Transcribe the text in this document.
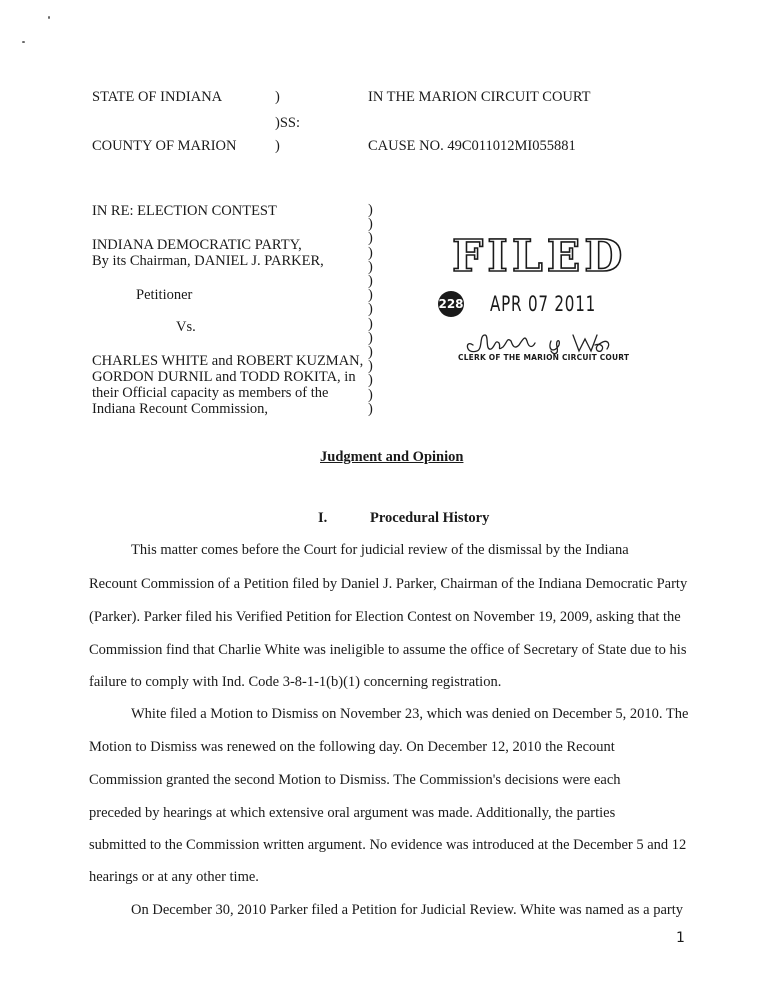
STATE OF INDIANA	)	IN THE MARION CIRCUIT COURT
)SS:
COUNTY OF MARION	)	CAUSE NO. 49C011012MI055881
IN RE: ELECTION CONTEST
INDIANA DEMOCRATIC PARTY,
By its Chairman, DANIEL J. PARKER,
Petitioner
Vs.
CHARLES WHITE and ROBERT KUZMAN,
GORDON DURNIL and TODD ROKITA, in
their Official capacity as members of the
Indiana Recount Commission,
)
)
)
)
)
)
)
)
)
)
)
)
)
)
)
FILED
228 APR 07 2011
CLERK OF THE MARION CIRCUIT COURT
Judgment and Opinion
I.	Procedural History
This matter comes before the Court for judicial review of the dismissal by the Indiana
Recount Commission of a Petition filed by Daniel J. Parker, Chairman of the Indiana Democratic Party
(Parker). Parker filed his Verified Petition for Election Contest on November 19, 2009, asking that the
Commission find that Charlie White was ineligible to assume the office of Secretary of State due to his
failure to comply with Ind. Code 3-8-1-1(b)(1) concerning registration.
White filed a Motion to Dismiss on November 23, which was denied on December 5, 2010. The
Motion to Dismiss was renewed on the following day. On December 12, 2010 the Recount
Commission granted the second Motion to Dismiss. The Commission's decisions were each
preceded by hearings at which extensive oral argument was made. Additionally, the parties
submitted to the Commission written argument. No evidence was introduced at the December 5 and 12
hearings or at any other time.
On December 30, 2010 Parker filed a Petition for Judicial Review. White was named as a party
1
